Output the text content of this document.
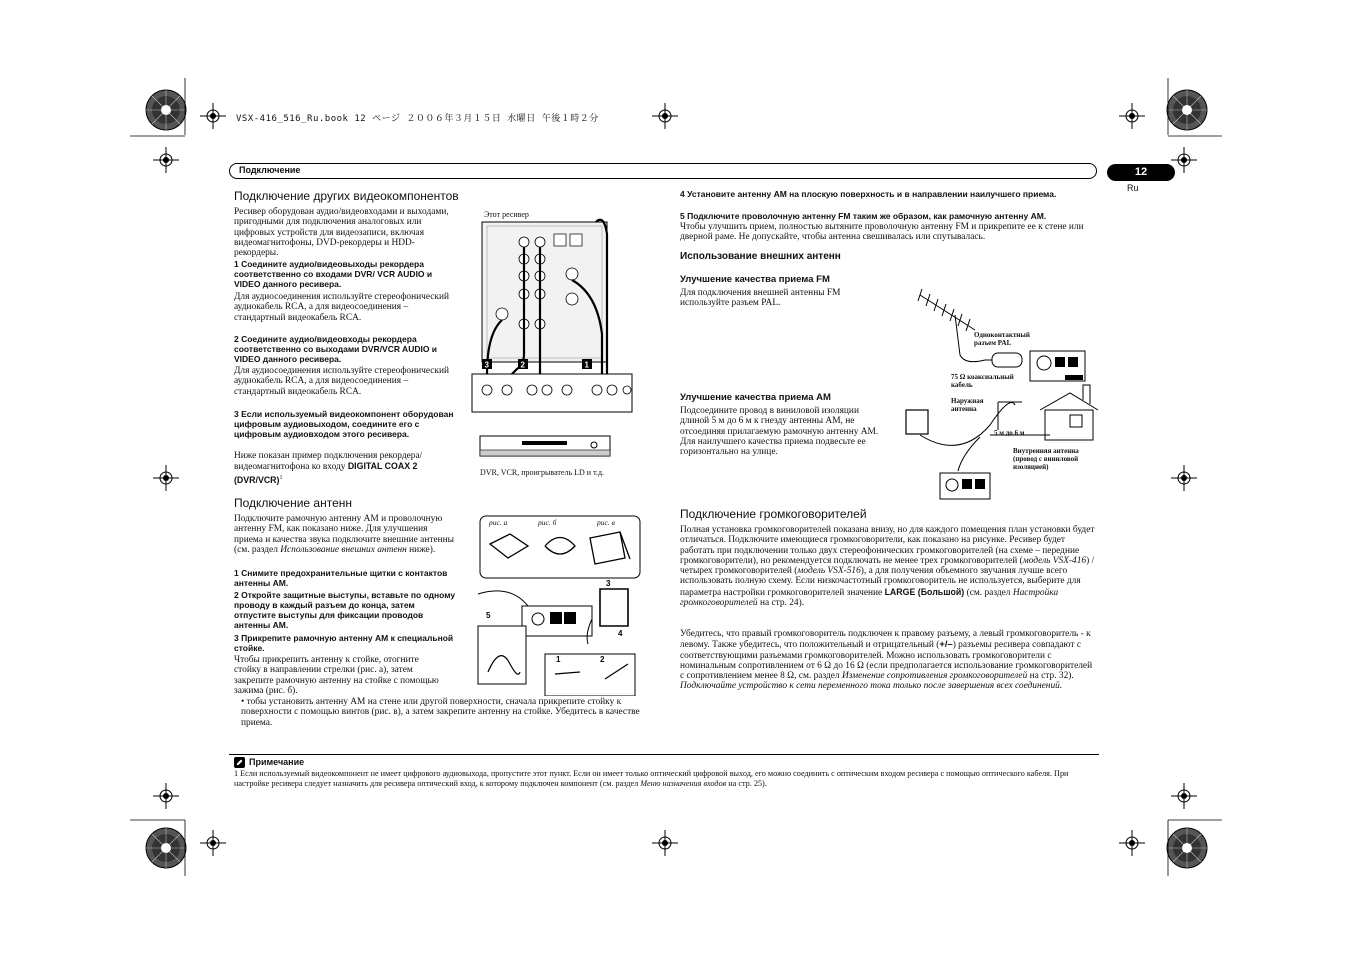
VSX-416_516_Ru.book 12 ページ ２００６年３月１５日 水曜日 午後１時２分
Подключение	12
Ru
Подключение других видеокомпонентов
Ресивер оборудован аудио/видеовходами и выходами, пригодными для подключения аналоговых или цифровых устройств для видеозаписи, включая видеомагнитофоны, DVD-рекордеры и HDD-рекордеры.
1 Соедините аудио/видеовыходы рекордера соответственно со входами DVR/ VCR AUDIO и VIDEO данного ресивера.
Для аудиосоединения используйте стереофонический аудиокабель RCA, а для видеосоединения – стандартный видеокабель RCA.
2 Соедините аудио/видеовходы рекордера соответственно со выходами DVR/VCR AUDIO и VIDEO данного ресивера.
Для аудиосоединения используйте стереофонический аудиокабель RCA, а для видеосоединения – стандартный видеокабель RCA.
3 Если используемый видеокомпонент оборудован цифровым аудиовыходом, соедините его с цифровым аудиовходом этого ресивера.
Ниже показан пример подключения рекордера/ видеомагнитофона ко входу DIGITAL COAX 2 $(DVR/VCR)^1$
Этот ресивер
3	2	1
DVR, VCR, проигрыватель LD и т.д.
Подключение антенн
Подключите рамочную антенну AM и проволочную антенну FM, как показано ниже. Для улучшения приема и качества звука подключите внешние антенны (см. раздел Использование внешних антенн ниже).
1 Снимите предохранительные щитки с контактов антенны AM.
2 Откройте защитные выступы, вставьте по одному проводу в каждый разъем до конца, затем отпустите выступы для фиксации проводов антенны AM.
3 Прикрепите рамочную антенну AM к специальной стойке.
Чтобы прикрепить антенну к стойке, отогните стойку в направлении стрелки (рис. а), затем закрепите рамочную антенну на стойке с помощью зажима (рис. б).
• тобы установить антенну AM на стене или другой поверхности, сначала прикрепите стойку к поверхности с помощью винтов (рис. в), а затем закрепите антенну на стойке. Убедитесь в качестве приема.
3
4
5
1	2
рис. а	рис. б	рис. в
4 Установите антенну AM на плоскую поверхность и в направлении наилучшего приема.
5 Подключите проволочную антенну FM таким же образом, как рамочную антенну AM.
Чтобы улучшить прием, полностью вытяните проволочную антенну FM и прикрепите ее к стене или дверной раме. Не допускайте, чтобы антенна свешивалась или спутывалась.
Использование внешних антенн
Улучшение качества приема FM
Для подключения внешней антенны FM используйте разъем PAL.
Улучшение качества приема AM
Подсоедините провод в виниловой изоляции длиной 5 м до 6 м к гнезду антенны AM, не отсоединяя прилагаемую рамочную антенну AM. Для наилучшего качества приема подвесьте ее горизонтально на улице.
Одноконтактный разъем PAL
75 Ω коаксиальный кабель
Наружная антенна
5 м до 6 м
Внутренняя антенна (провод с виниловой изоляцией)
Подключение громкоговорителей
Полная установка громкоговорителей показана внизу, но для каждого помещения план установки будет отличаться. Подключите имеющиеся громкоговорители, как показано на рисунке. Ресивер будет работать при подключении только двух стереофонических громкоговорителей (на схеме – передние громкоговорители), но рекомендуется подключать не менее трех громкоговорителей (модель VSX-416) / четырех громкоговорителей (модель VSX-516), а для получения объемного звучания лучше всего использовать полную схему. Если низкочастотный громкоговоритель не используется, выберите для параметра настройки громкоговорителей значение LARGE (Большой) (см. раздел Настройка громкоговорителей на стр. 24).
Убедитесь, что правый громкоговоритель подключен к правому разъему, а левый громкоговоритель - к левому. Также убедитесь, что положительный и отрицательный (+/–) разъемы ресивера совпадают с соответствующими разъемами громкоговорителей. Можно использовать громкоговорители с номинальным сопротивлением от 6 Ω до 16 Ω (если предполагается использование громкоговорителей с сопротивлением менее 8 Ω, см. раздел Изменение сопротивления громкоговорителей на стр. 32).
Подключайте устройство к сети переменного тока только после завершения всех соединений.
Примечание
1 Если используемый видеокомпонент не имеет цифрового аудиовыхода, пропустите этот пункт. Если он имеет только оптический цифровой выход, его можно соединить с оптическим входом ресивера с помощью оптического кабеля. При настройке ресивера следует назначить для ресивера оптический вход, к которому подключен компонент (см. раздел Меню назначения входов на стр. 25).
